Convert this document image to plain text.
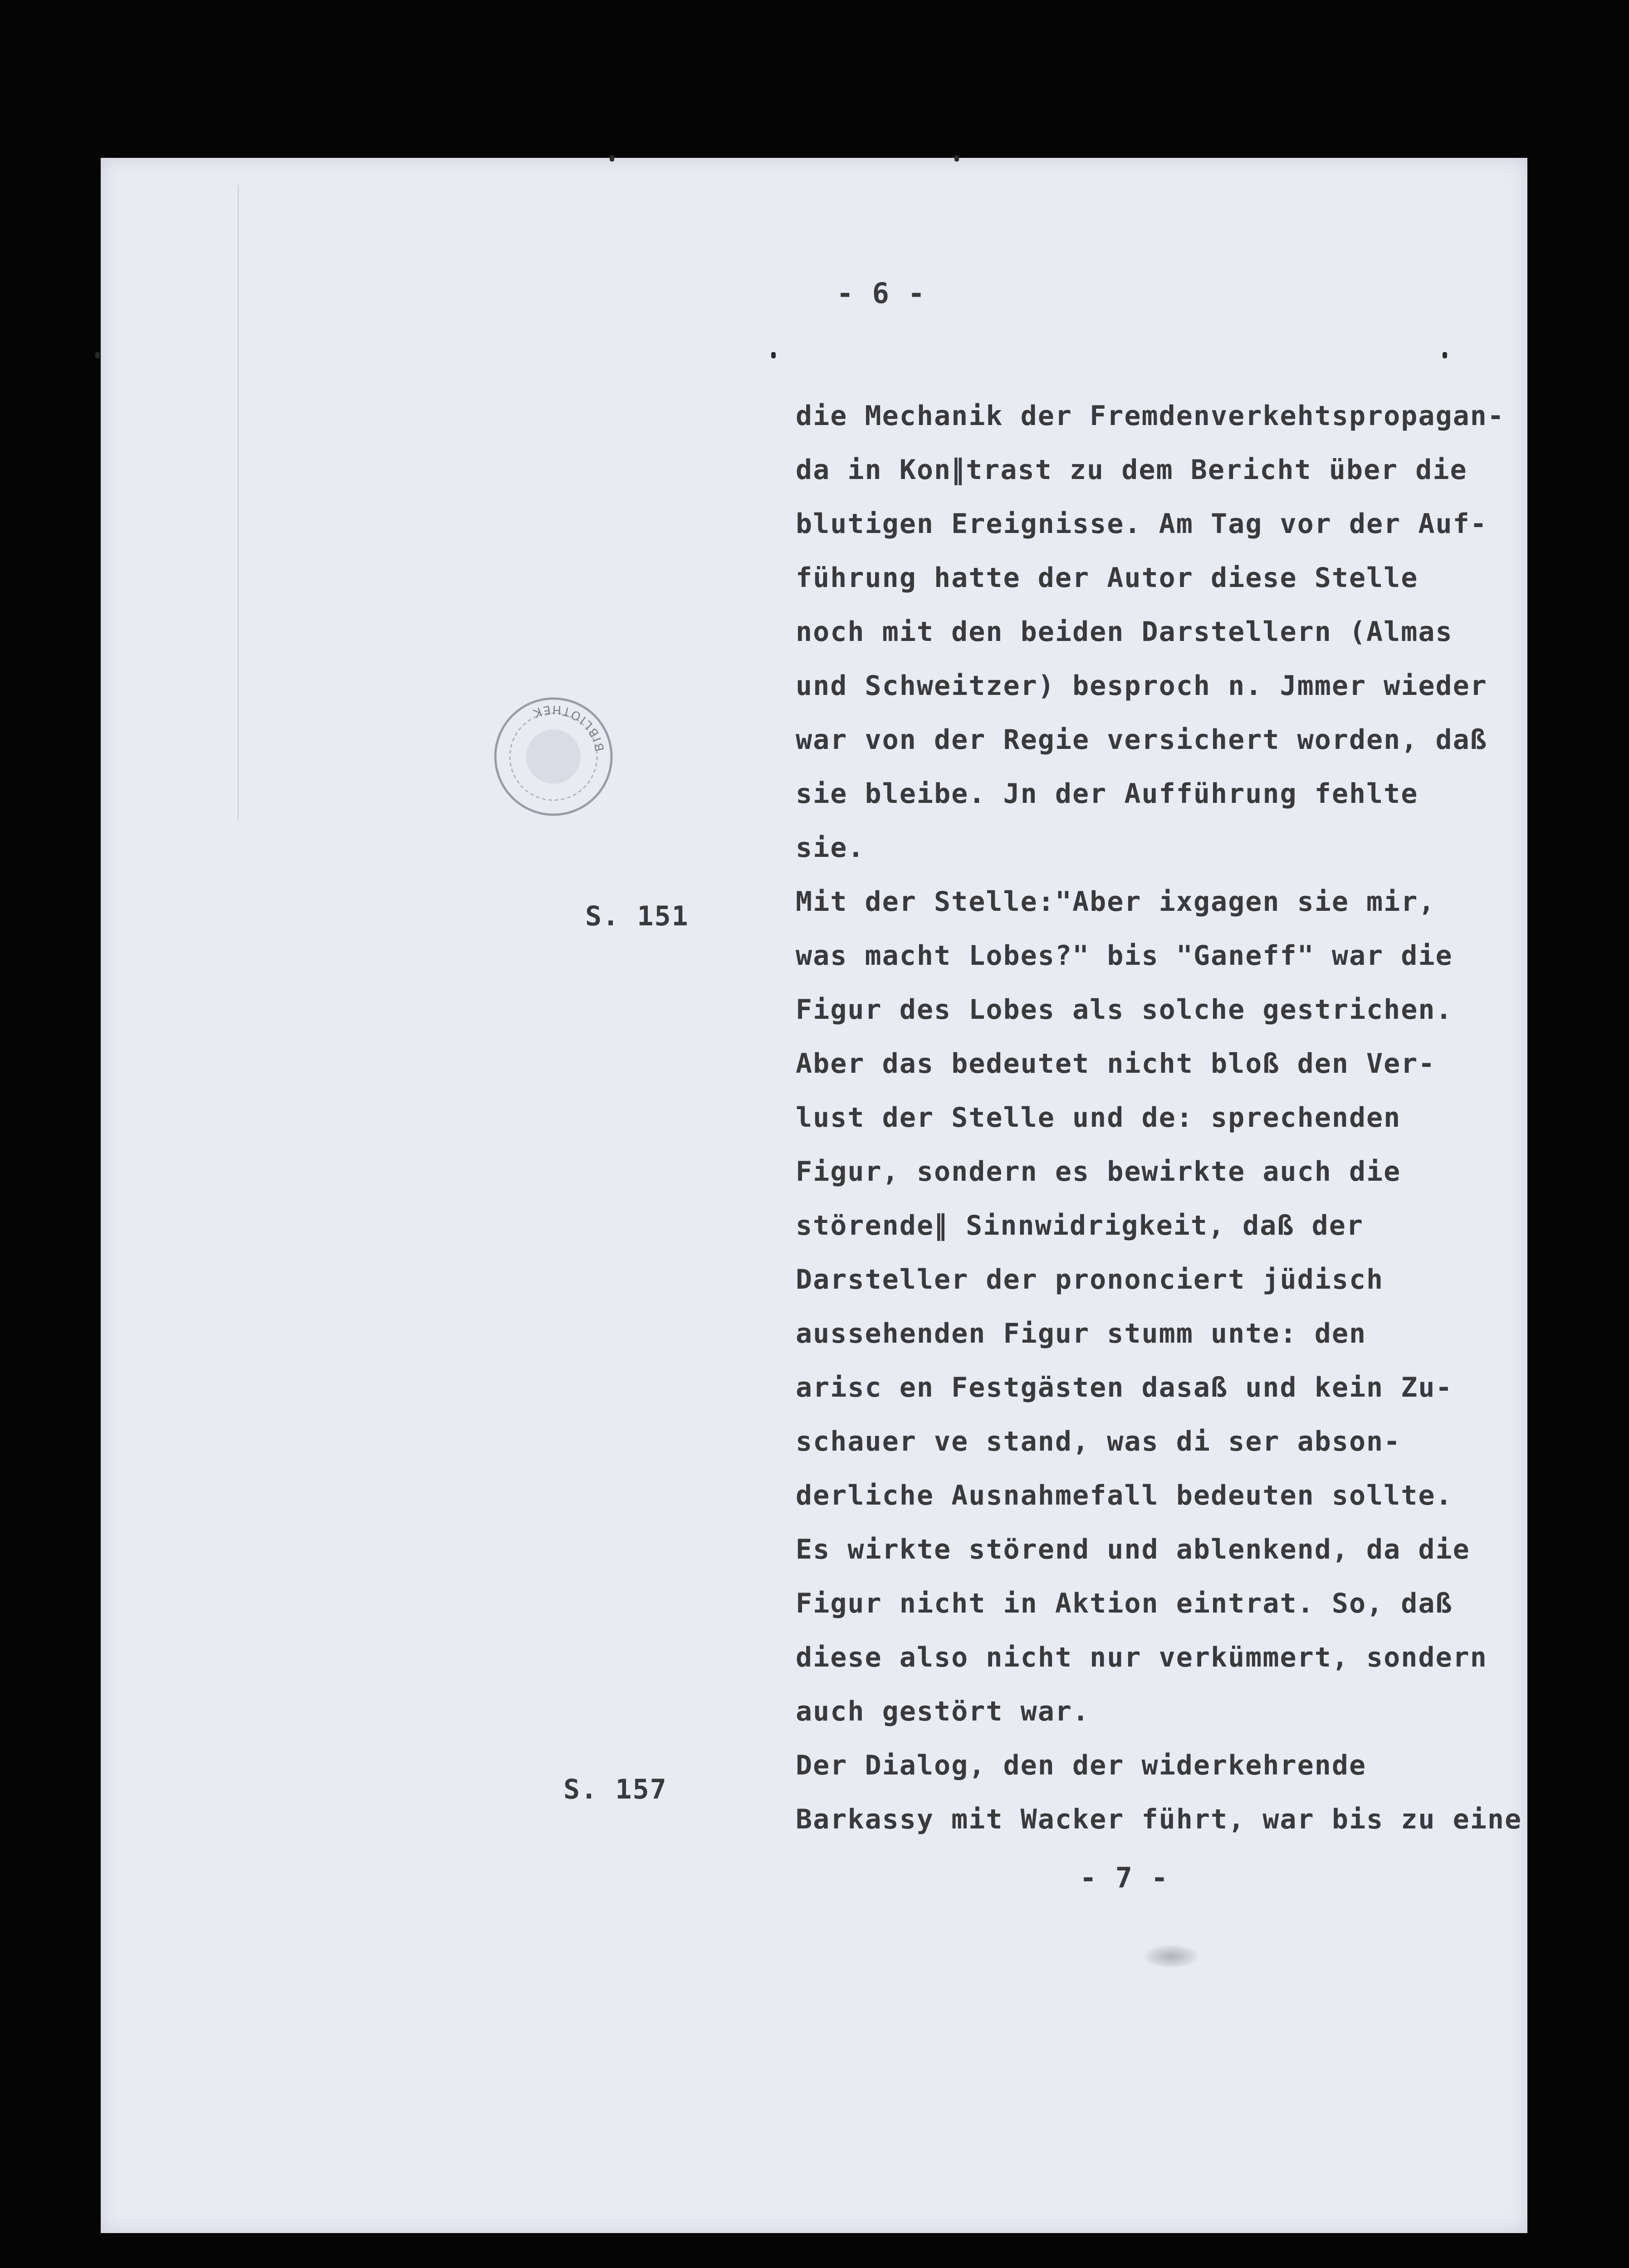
- 6 -
BIBLIOTHEK
S. 151
S. 157
die Mechanik der Fremdenverkehtspropagan-
da in Kon∥trast zu dem Bericht über die
blutigen Ereignisse. Am Tag vor der Auf-
führung hatte der Autor diese Stelle
noch mit den beiden Darstellern (Almas
und Schweitzer) besproch n. Jmmer wieder
war von der Regie versichert worden, daß
sie bleibe. Jn der Aufführung fehlte
sie.
Mit der Stelle:"Aber ixgagen sie mir,
was macht Lobes?" bis "Ganeff" war die
Figur des Lobes als solche gestrichen.
Aber das bedeutet nicht bloß den Ver-
lust der Stelle und de: sprechenden
Figur, sondern es bewirkte auch die
störende∥ Sinnwidrigkeit, daß der
Darsteller der prononciert jüdisch
aussehenden Figur stumm unte: den
arisc en Festgästen dasaß und kein Zu-
schauer ve stand, was di ser abson-
derliche Ausnahmefall bedeuten sollte.
Es wirkte störend und ablenkend, da die
Figur nicht in Aktion eintrat. So, daß
diese also nicht nur verkümmert, sondern
auch gestört war.
Der Dialog, den der widerkehrende
Barkassy mit Wacker führt, war bis zu eine
- 7 -
